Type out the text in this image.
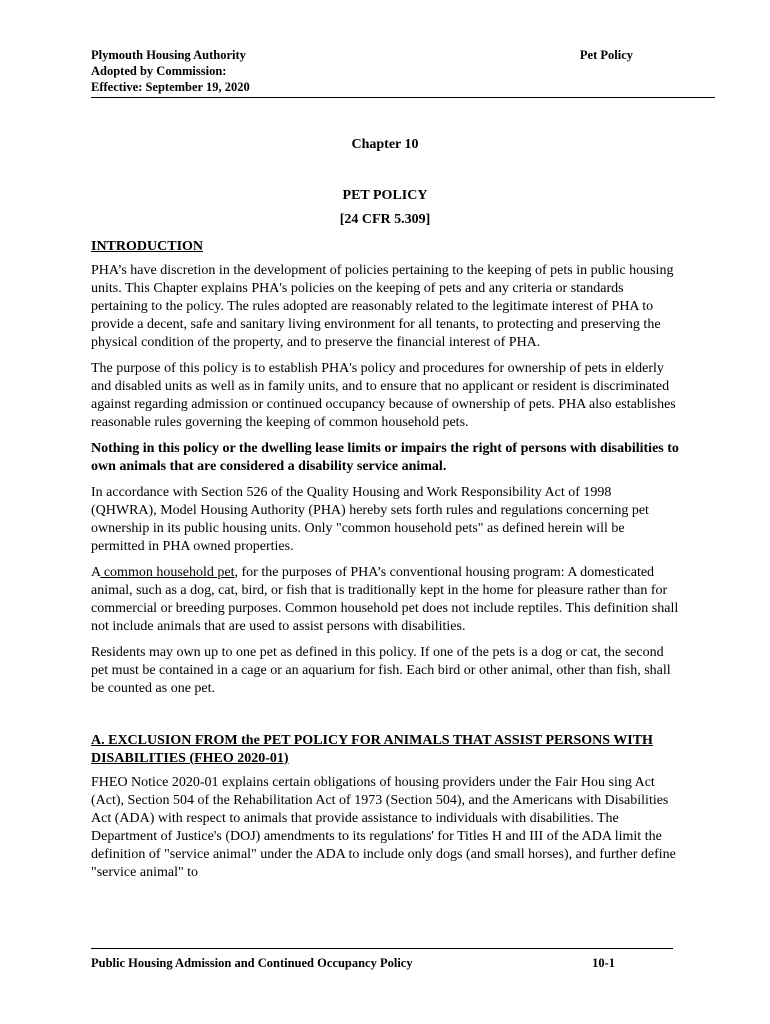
Plymouth Housing Authority
Adopted by Commission:
Effective: September 19, 2020
Pet Policy
Chapter 10
PET POLICY
[24 CFR 5.309]
INTRODUCTION

PHA’s have discretion in the development of policies pertaining to the keeping of pets in public housing units. This Chapter explains PHA's policies on the keeping of pets and any criteria or standards pertaining to the policy. The rules adopted are reasonably related to the legitimate interest of PHA to provide a decent, safe and sanitary living environment for all tenants, to protecting and preserving the physical condition of the property, and to preserve the financial interest of PHA.

The purpose of this policy is to establish PHA's policy and procedures for ownership of pets in elderly and disabled units as well as in family units, and to ensure that no applicant or resident is discriminated against regarding admission or continued occupancy because of ownership of pets. PHA also establishes reasonable rules governing the keeping of common household pets.

Nothing in this policy or the dwelling lease limits or impairs the right of persons with disabilities to own animals that are considered a disability service animal.

In accordance with Section 526 of the Quality Housing and Work Responsibility Act of 1998 (QHWRA), Model Housing Authority (PHA) hereby sets forth rules and regulations concerning pet ownership in its public housing units. Only "common household pets" as defined herein will be permitted in PHA owned properties.

A common household pet, for the purposes of PHA’s conventional housing program: A domesticated animal, such as a dog, cat, bird, or fish that is traditionally kept in the home for pleasure rather than for commercial or breeding purposes. Common household pet does not include reptiles. This definition shall not include animals that are used to assist persons with disabilities.

Residents may own up to one pet as defined in this policy. If one of the pets is a dog or cat, the second pet must be contained in a cage or an aquarium for fish. Each bird or other animal, other than fish, shall be counted as one pet.

A. EXCLUSION FROM the PET POLICY FOR ANIMALS THAT ASSIST PERSONS WITH DISABILITIES (FHEO 2020-01)

FHEO Notice 2020-01 explains certain obligations of housing providers under the Fair Hou sing Act (Act), Section 504 of the Rehabilitation Act of 1973 (Section 504), and the Americans with Disabilities Act (ADA) with respect to animals that provide assistance to individuals with disabilities. The Department of Justice's (DOJ) amendments to its regulations' for Titles H and III of the ADA limit the definition of "service animal" under the ADA to include only dogs (and small horses), and further define "service animal" to

Public Housing Admission and Continued Occupancy Policy	10-1
